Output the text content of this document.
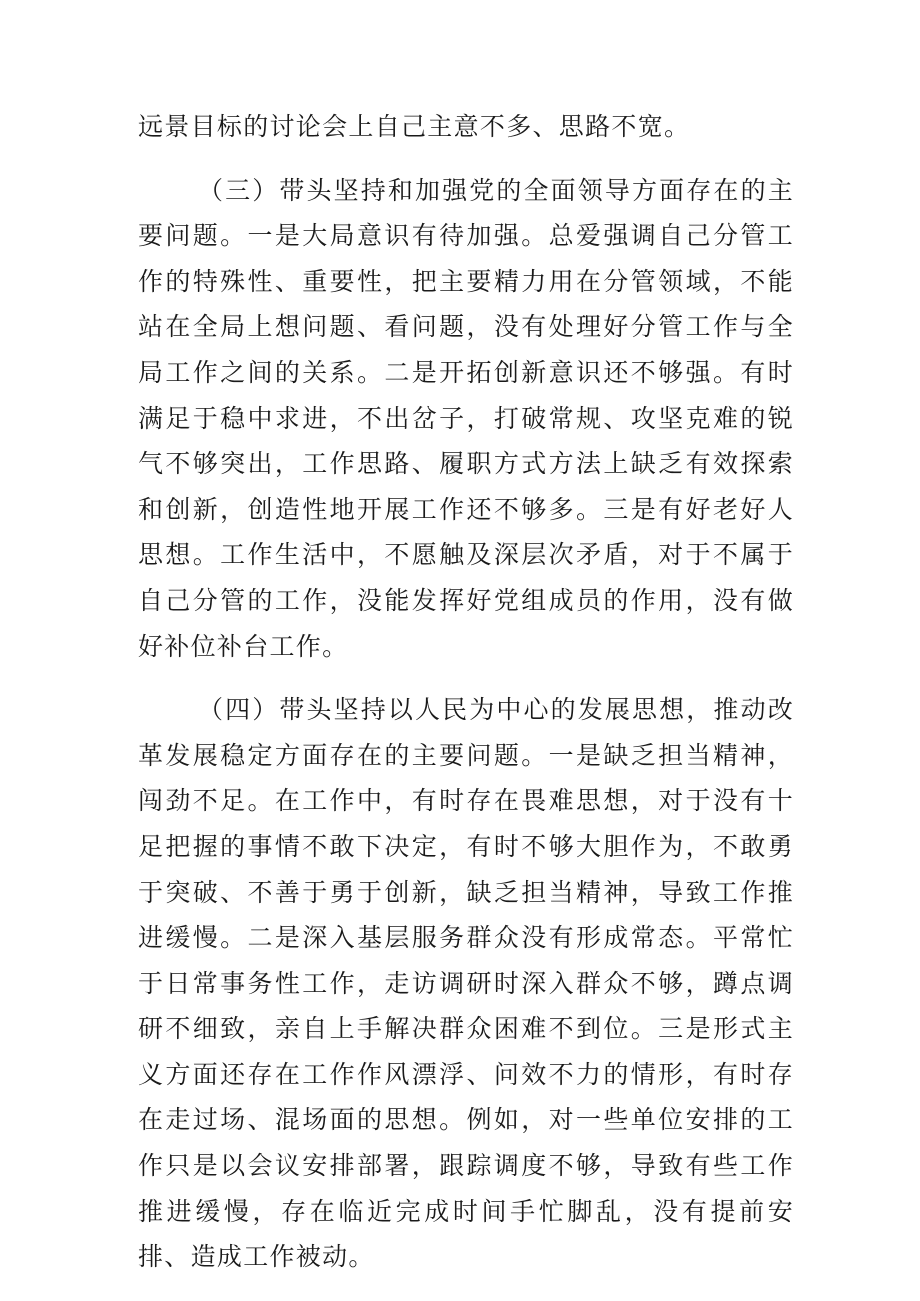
远景目标的讨论会上自己主意不多、思路不宽。

（三）带头坚持和加强党的全面领导方面存在的主要问题。一是大局意识有待加强。总爱强调自己分管工作的特殊性、重要性，把主要精力用在分管领域，不能站在全局上想问题、看问题，没有处理好分管工作与全局工作之间的关系。二是开拓创新意识还不够强。有时满足于稳中求进，不出岔子，打破常规、攻坚克难的锐气不够突出，工作思路、履职方式方法上缺乏有效探索和创新，创造性地开展工作还不够多。三是有好老好人思想。工作生活中，不愿触及深层次矛盾，对于不属于自己分管的工作，没能发挥好党组成员的作用，没有做好补位补台工作。

（四）带头坚持以人民为中心的发展思想，推动改革发展稳定方面存在的主要问题。一是缺乏担当精神，闯劲不足。在工作中，有时存在畏难思想，对于没有十足把握的事情不敢下决定，有时不够大胆作为，不敢勇于突破、不善于勇于创新，缺乏担当精神，导致工作推进缓慢。二是深入基层服务群众没有形成常态。平常忙于日常事务性工作，走访调研时深入群众不够，蹲点调研不细致，亲自上手解决群众困难不到位。三是形式主义方面还存在工作作风漂浮、问效不力的情形，有时存在走过场、混场面的思想。例如，对一些单位安排的工作只是以会议安排部署，跟踪调度不够，导致有些工作推进缓慢，存在临近完成时间手忙脚乱，没有提前安排、造成工作被动。
